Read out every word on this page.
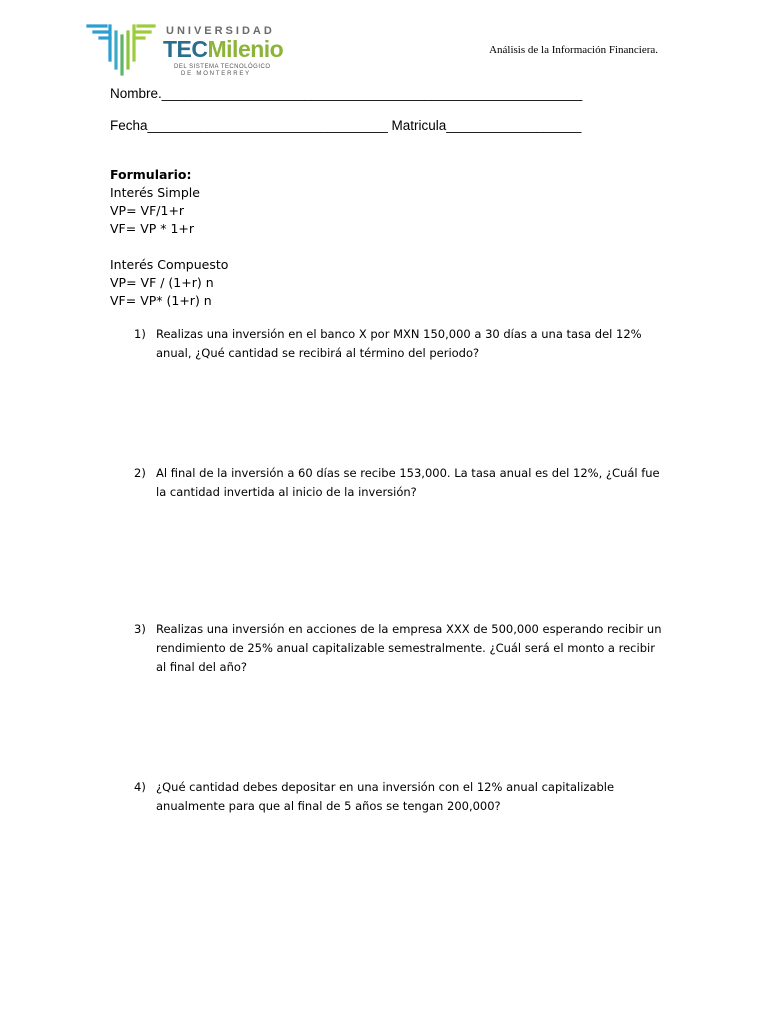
UNIVERSIDAD
TECMilenio
DEL SISTEMA TECNOLÓGICO
DE MONTERREY
Análisis de la Información Financiera.
Nombre.________________________________________________________
Fecha________________________________ Matricula__________________
Formulario:
Interés Simple
VP= VF/1+r
VF= VP * 1+r
Interés Compuesto
VP= VF / (1+r) n
VF= VP* (1+r) n
1) Realizas una inversión en el banco X por MXN 150,000 a 30 días a una tasa del 12% anual, ¿Qué cantidad se recibirá al término del periodo?
2) Al final de la inversión a 60 días se recibe 153,000. La tasa anual es del 12%, ¿Cuál fue la cantidad invertida al inicio de la inversión?
3) Realizas una inversión en acciones de la empresa XXX de 500,000 esperando recibir un rendimiento de 25% anual capitalizable semestralmente. ¿Cuál será el monto a recibir al final del año?
4) ¿Qué cantidad debes depositar en una inversión con el 12% anual capitalizable anualmente para que al final de 5 años se tengan 200,000?
